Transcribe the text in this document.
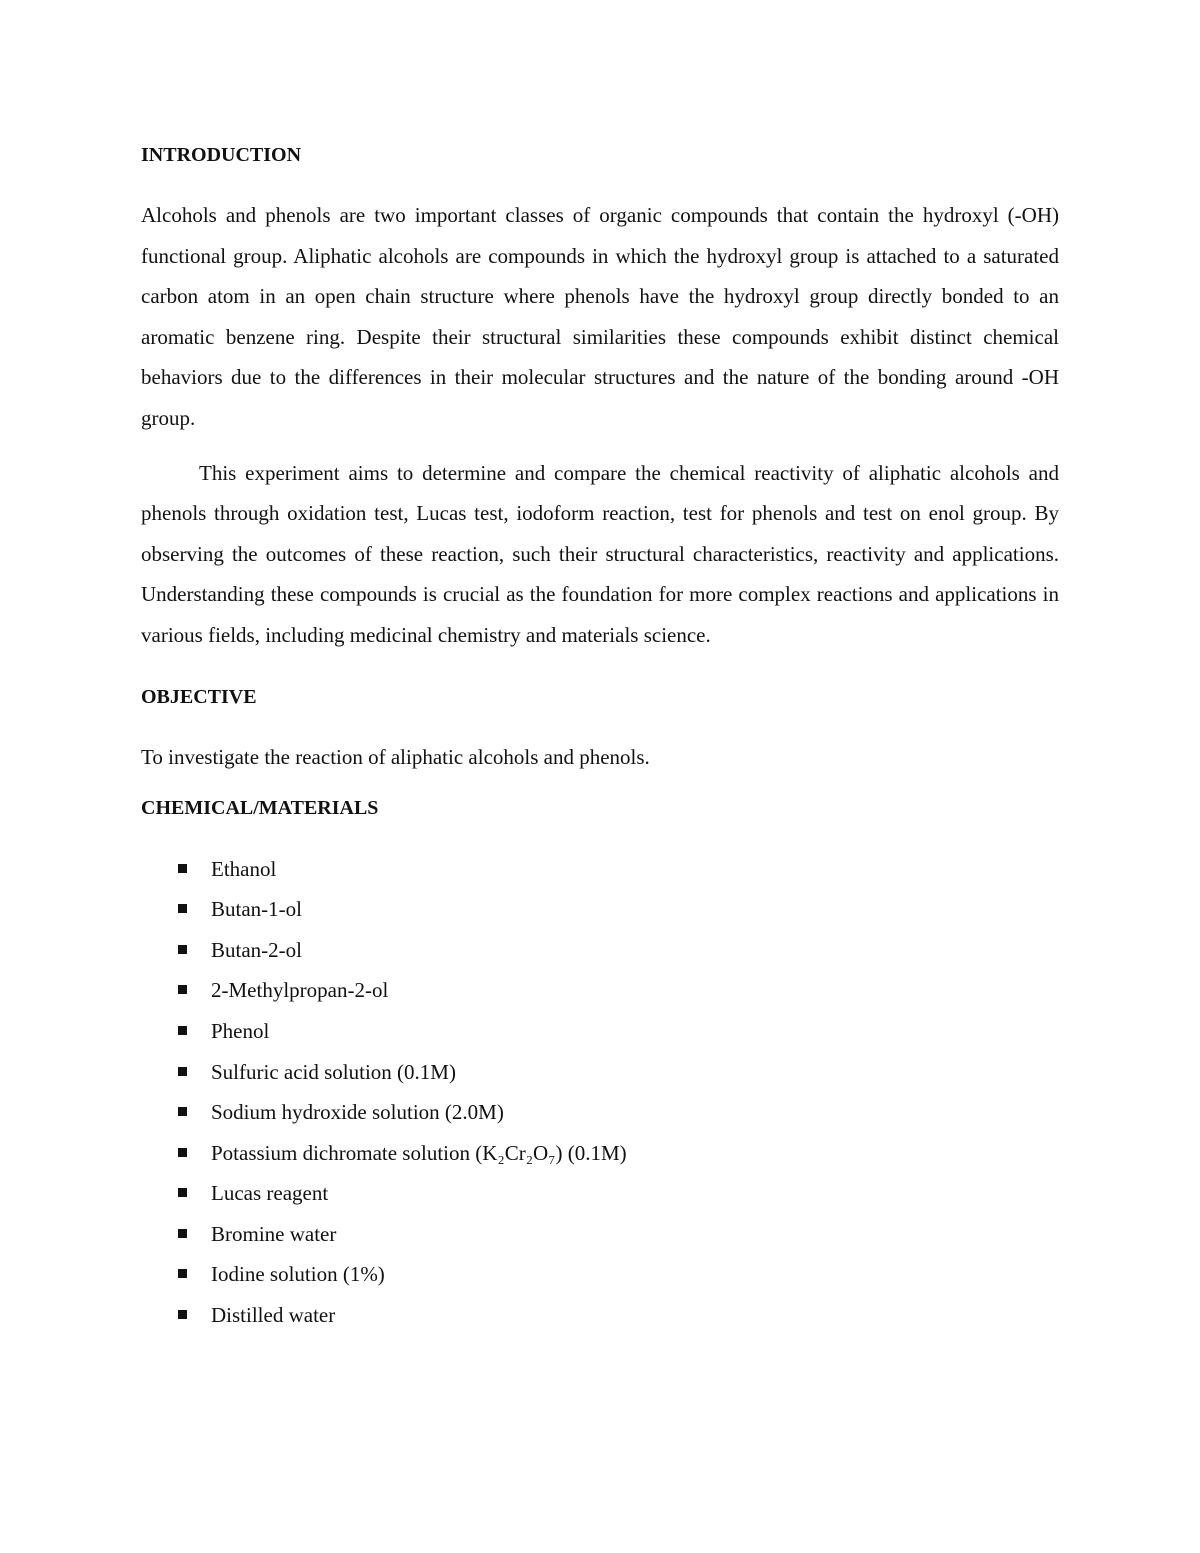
INTRODUCTION

Alcohols and phenols are two important classes of organic compounds that contain the hydroxyl (-OH) functional group. Aliphatic alcohols are compounds in which the hydroxyl group is attached to a saturated carbon atom in an open chain structure where phenols have the hydroxyl group directly bonded to an aromatic benzene ring. Despite their structural similarities these compounds exhibit distinct chemical behaviors due to the differences in their molecular structures and the nature of the bonding around -OH group.

This experiment aims to determine and compare the chemical reactivity of aliphatic alcohols and phenols through oxidation test, Lucas test, iodoform reaction, test for phenols and test on enol group. By observing the outcomes of these reaction, such their structural characteristics, reactivity and applications. Understanding these compounds is crucial as the foundation for more complex reactions and applications in various fields, including medicinal chemistry and materials science.

OBJECTIVE

To investigate the reaction of aliphatic alcohols and phenols.

CHEMICAL/MATERIALS
Ethanol
Butan-1-ol
Butan-2-ol
2-Methylpropan-2-ol
Phenol
Sulfuric acid solution (0.1M)
Sodium hydroxide solution (2.0M)
Potassium dichromate solution (K₂Cr₂O₇) (0.1M)
Lucas reagent
Bromine water
Iodine solution (1%)
Distilled water
